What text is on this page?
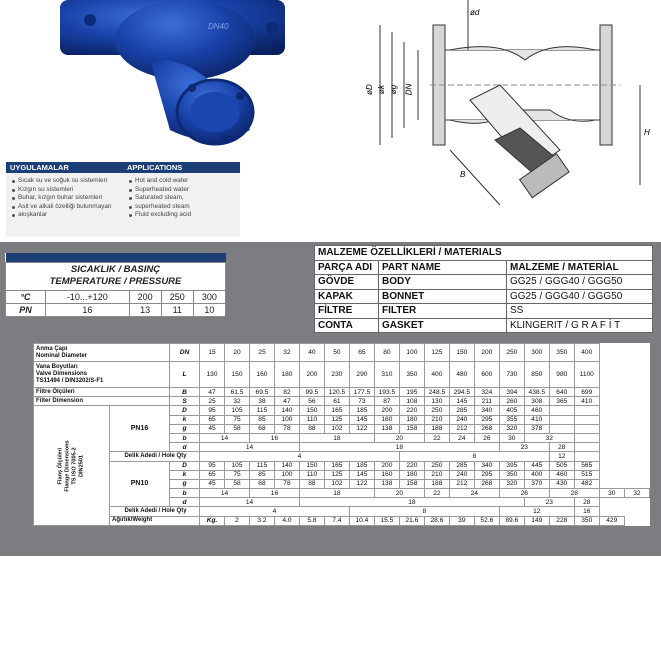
DN40
ød
øD øk øg DN
B
H
UYGULAMALAR	APPLICATIONS
Sıcak su ve soğuk su sistemleri
Kızgın su sistemleri
Buhar, kızgın buhar sistemleri
Asit ve alkali özelliği bulunmayan
akışkanlar
Hot and cold water
Superheated water
Saturated steam,
superheated steam
Fluid excluding acid

SICAKLIK / BASINÇ
TEMPERATURE / PRESSURE				
°C	-10...+120	200	250	300
PN	16	13	11	10
MALZEME ÖZELLİKLERİ / MATERIALS		
PARÇA ADI	PART NAME	MALZEME / MATERİAL
GÖVDE	BODY	GG25 / GGG40 / GGG50
KAPAK	BONNET	GG25 / GGG40 / GGG50
FİLTRE	FILTER	SS
CONTA	GASKET	KLINGERIT / G R A F İ T
Anma Çapı
Nominal Diameter		DN	15	20	25	32	40	50	65	80	100	125	150	200	250	300	350	400		
Vana Boyutları
Valve Dimensions
TS11494 / DIN3202/S-F1		L	130	150	160	180	200	230	290	310	350	400	480	600	730	850	980	1100		
Filtre Ölçüleri		B	47	61.5	69.5	82	99.5	120.5	177.5	193.5	195	248.5	294.5	324	394	438.5	640	699		
Filter Dimension		S	25	32	38	47	56	61	73	87	108	130	145	211	260	308	365	410		
Flanş Ölçüleri
Flange Dimensions
TS ISO 7005-2
DIN2501	PN16	D	95	105	115	140	150	165	185	200	220	250	285	340	405	460				
		k	65	75	85	100	110	125	145	160	180	210	240	295	355	410				
		g	45	58	68	78	88	102	122	138	158	188	212	268	320	378				
		b	14		16		18			20		22	24	26	30	32				
		d	14				18								23		28			
	Delik Adedi / Hole Qty		4								8						12			
	PN10	D	95	105	115	140	150	165	185	200	220	250	285	340	395	445	505	565		
		k	65	75	85	100	110	125	145	160	180	210	240	295	350	400	460	515		
		g	45	58	68	78	88	102	122	138	158	188	212	268	320	370	430	482		
		b	14		16		18			20		22	24		26		28		30	32
		d	14				18									23		28		
	Delik Adedi / Hole Qty		4						8						12			16		
	Ağırlık/Weight		Kg.	2	3.2	4.0	5.8	7.4	10.4	15.5	21.6	28.6	39	52.6	89.6	149	228	350	429	
